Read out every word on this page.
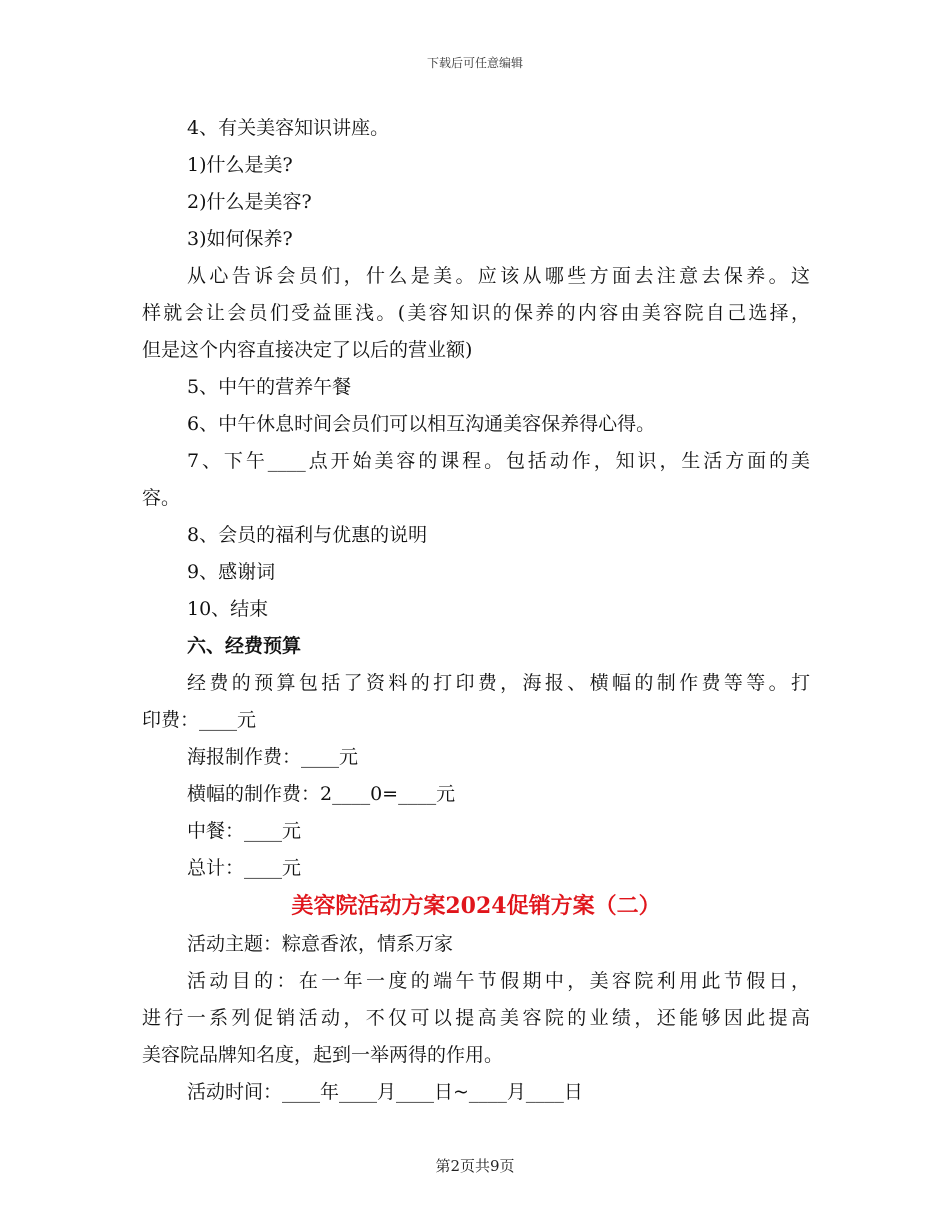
下载后可任意编辑
4、有关美容知识讲座。
1)什么是美?
2)什么是美容?
3)如何保养?
从心告诉会员们，什么是美。应该从哪些方面去注意去保养。这
样就会让会员们受益匪浅。(美容知识的保养的内容由美容院自己选择，
但是这个内容直接决定了以后的营业额)
5、中午的营养午餐
6、中午休息时间会员们可以相互沟通美容保养得心得。
7、下午____点开始美容的课程。包括动作，知识，生活方面的美
容。
8、会员的福利与优惠的说明
9、感谢词
10、结束
六、经费预算
经费的预算包括了资料的打印费，海报、横幅的制作费等等。打
印费：____元
海报制作费：____元
横幅的制作费：2____0=____元
中餐：____元
总计：____元
美容院活动方案2024促销方案（二）
活动主题：粽意香浓，情系万家
活动目的：在一年一度的端午节假期中，美容院利用此节假日，
进行一系列促销活动，不仅可以提高美容院的业绩，还能够因此提高
美容院品牌知名度，起到一举两得的作用。
活动时间：____年____月____日~____月____日
第2页共9页
